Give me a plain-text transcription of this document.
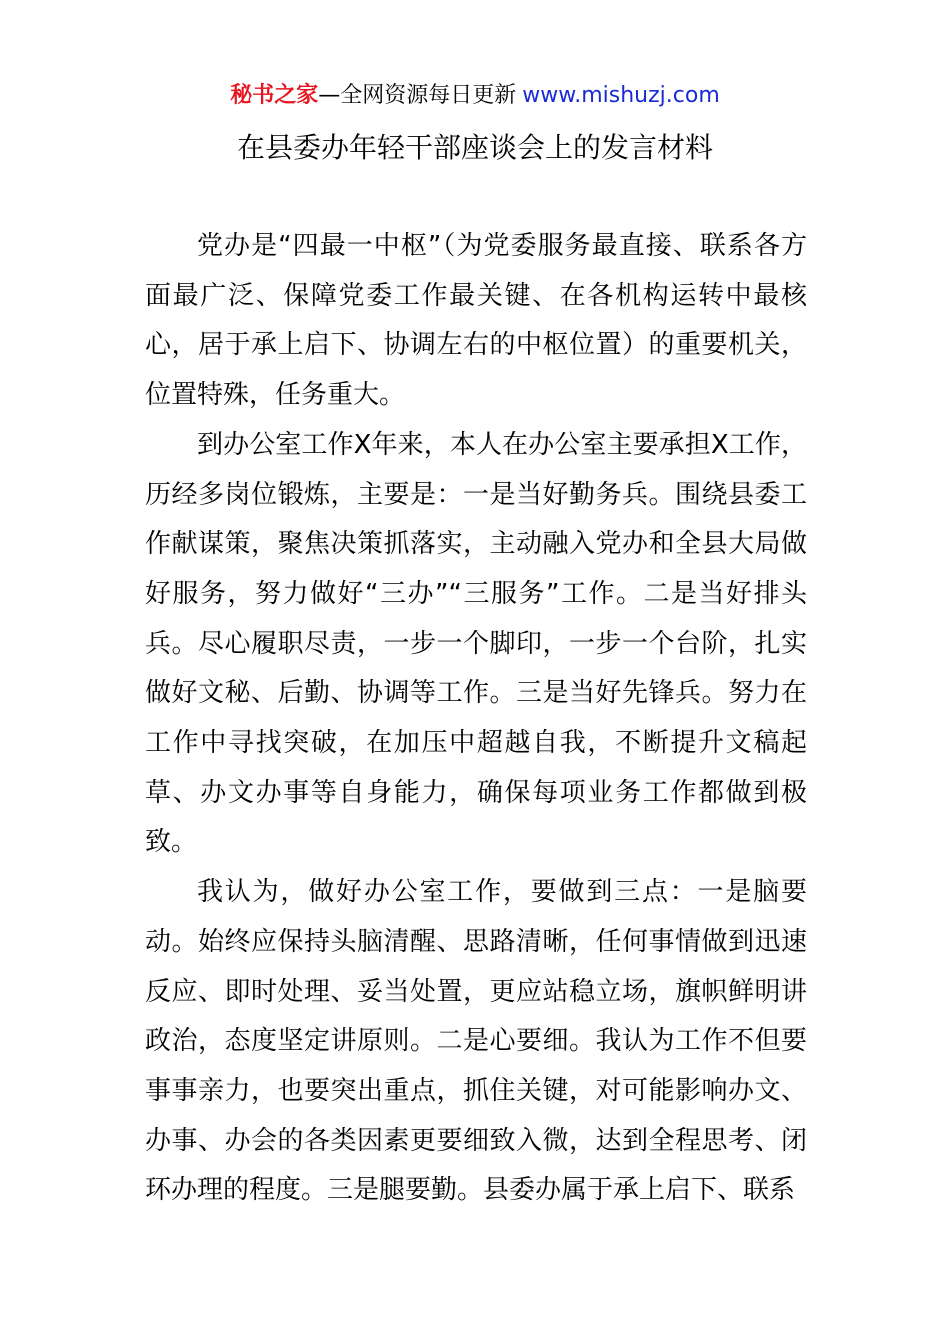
秘书之家—全网资源每日更新 www.mishuzj.com
在县委办年轻干部座谈会上的发言材料

党办是“四最一中枢”（为党委服务最直接、联系各方面最广泛、保障党委工作最关键、在各机构运转中最核心，居于承上启下、协调左右的中枢位置）的重要机关，位置特殊，任务重大。

到办公室工作X年来，本人在办公室主要承担X工作，历经多岗位锻炼，主要是：一是当好勤务兵。围绕县委工作献谋策，聚焦决策抓落实，主动融入党办和全县大局做好服务，努力做好“三办”“三服务”工作。二是当好排头兵。尽心履职尽责，一步一个脚印，一步一个台阶，扎实做好文秘、后勤、协调等工作。三是当好先锋兵。努力在工作中寻找突破，在加压中超越自我，不断提升文稿起草、办文办事等自身能力，确保每项业务工作都做到极致。

我认为，做好办公室工作，要做到三点：一是脑要动。始终应保持头脑清醒、思路清晰，任何事情做到迅速反应、即时处理、妥当处置，更应站稳立场，旗帜鲜明讲政治，态度坚定讲原则。二是心要细。我认为工作不但要事事亲力，也要突出重点，抓住关键，对可能影响办文、办事、办会的各类因素更要细致入微，达到全程思考、闭环办理的程度。三是腿要勤。县委办属于承上启下、联系
